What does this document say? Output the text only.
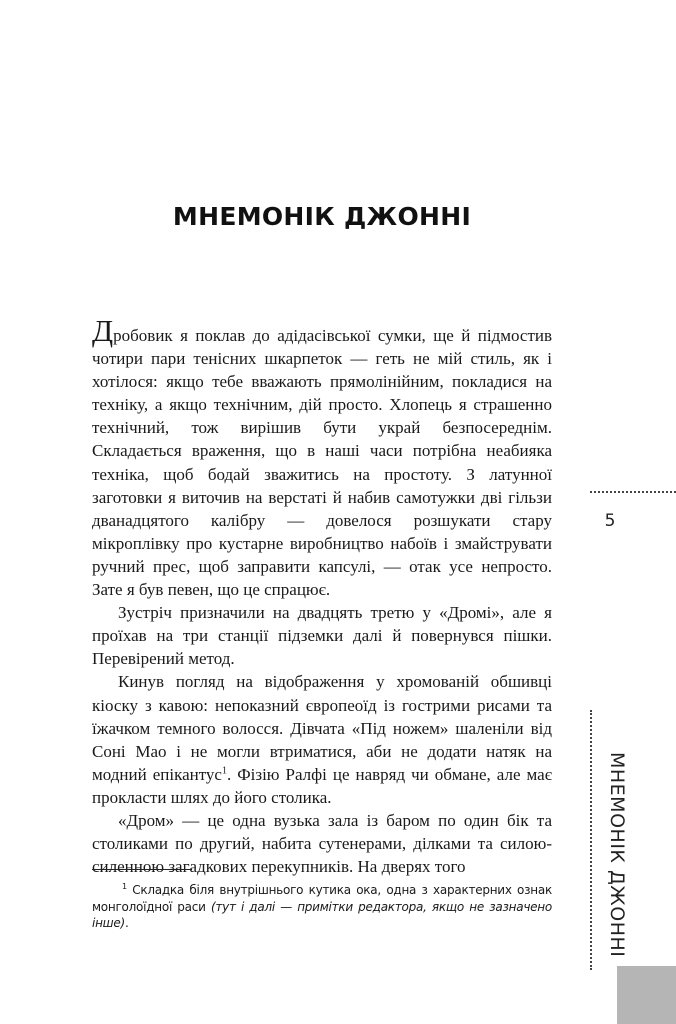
МНЕМОНІК ДЖОННІ

Дробовик я поклав до адідасівської сумки, ще й підмостив чотири пари тенісних шкарпеток — геть не мій стиль, як і хотілося: якщо тебе вважають прямолінійним, покладися на техніку, а якщо технічним, дій просто. Хлопець я страшенно технічний, тож вирішив бути украй безпосереднім. Складається враження, що в наші часи потрібна неабияка техніка, щоб бодай зважитись на простоту. З латунної заготовки я виточив на верстаті й набив самотужки дві гільзи дванадцятого калібру — довелося розшукати стару мікроплівку про кустарне виробництво набоїв і змайструвати ручний прес, щоб заправити капсулі, — отак усе непросто. Зате я був певен, що це спрацює.

Зустріч призначили на двадцять третю у «Дромі», але я проїхав на три станції підземки далі й повернувся пішки. Перевірений метод.

Кинув погляд на відображення у хромованій обшивці кіоску з кавою: непоказний європеоїд із гострими рисами та їжачком темного волосся. Дівчата «Під ножем» шаленіли від Соні Мао і не могли втриматися, аби не додати натяк на модний епікантус$^1$. Фізію Ралфі це навряд чи обмане, але має прокласти шлях до його столика.

«Дром» — це одна вузька зала із баром по один бік та столиками по другий, набита сутенерами, ділками та силою-силенною загадкових перекупників. На дверях того

$^1$ Складка біля внутрішнього кутика ока, одна з характерних ознак монголоїдної раси (тут і далі — примітки редактора, якщо не зазначено інше).

5
МНЕМОНІК ДЖОННІ
